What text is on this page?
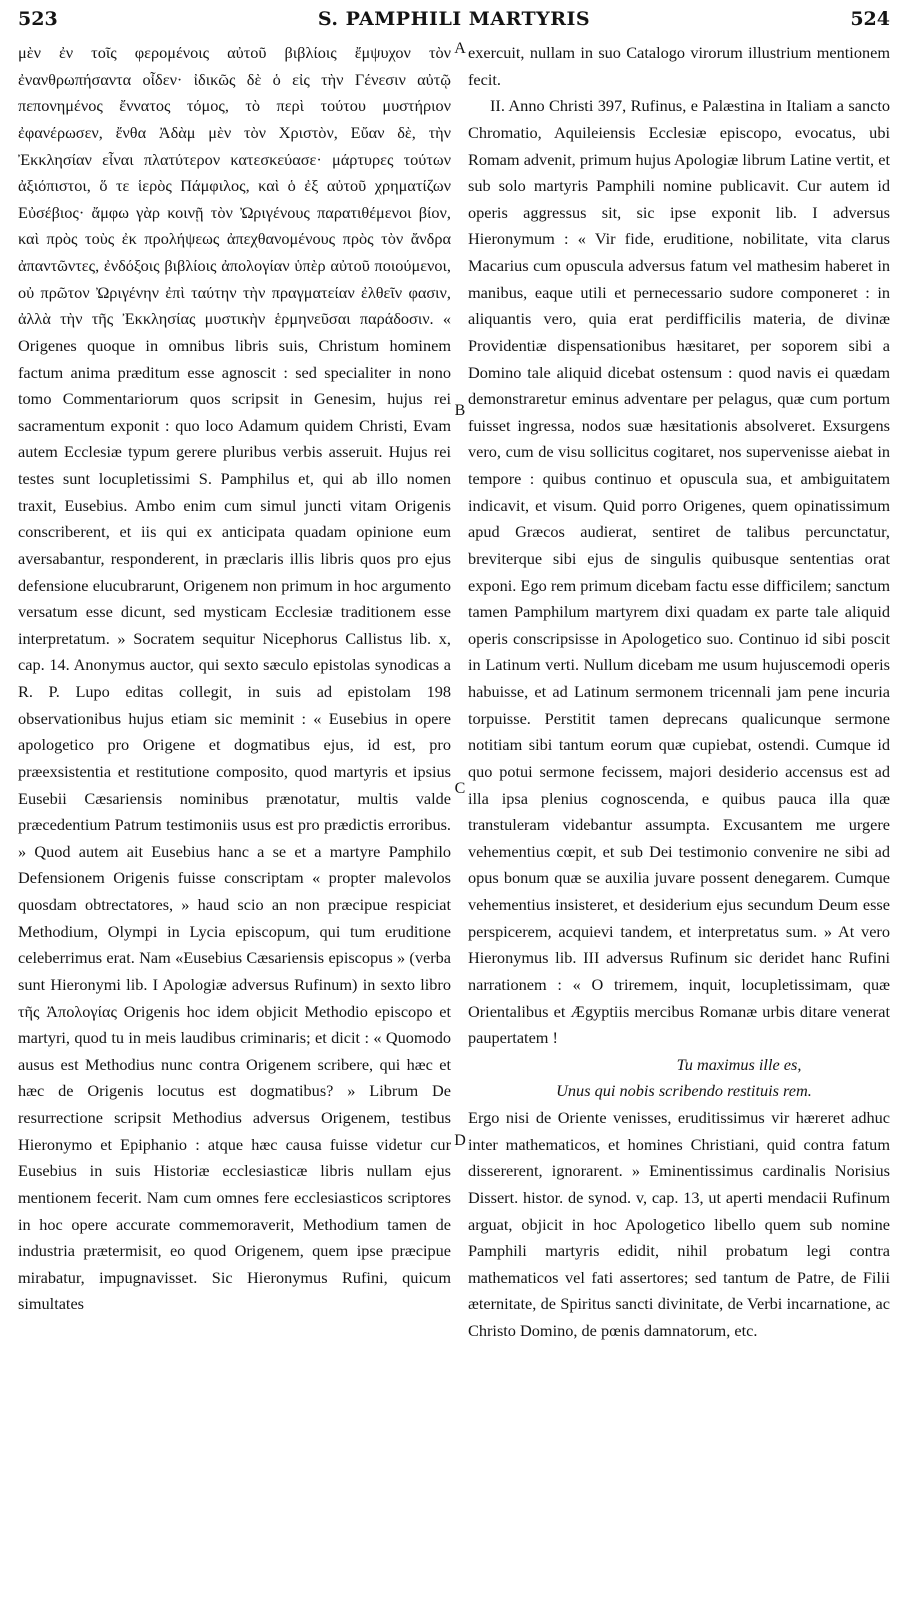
523	S. PAMPHILI MARTYRIS	524

μὲν ἐν τοῖς φερομένοις αὐτοῦ βιβλίοις ἔμψυχον τὸν ἐνανθρωπήσαντα οἶδεν· ἰδικῶς δὲ ὁ εἰς τὴν Γένεσιν αὐτῷ πεπονημένος ἔννατος τόμος, τὸ περὶ τούτου μυστήριον ἐφανέρωσεν, ἔνθα Ἀδὰμ μὲν τὸν Χριστὸν, Εὔαν δὲ, τὴν Ἐκκλησίαν εἶναι πλατύτερον κατεσκεύασε· μάρτυρες τούτων ἀξιόπιστοι, ὅ τε ἱερὸς Πάμφιλος, καὶ ὁ ἐξ αὐτοῦ χρηματίζων Εὐσέβιος· ἄμφω γὰρ κοινῇ τὸν Ὠριγένους παρατιθέμενοι βίον, καὶ πρὸς τοὺς ἐκ προλήψεως ἀπεχθανομένους πρὸς τὸν ἄνδρα ἀπαντῶντες, ἐνδόξοις βιβλίοις ἀπολογίαν ὑπὲρ αὐτοῦ ποιούμενοι, οὐ πρῶτον Ὠριγένην ἐπὶ ταύτην τὴν πραγματείαν ἐλθεῖν φασιν, ἀλλὰ τὴν τῆς Ἐκκλησίας μυστικὴν ἑρμηνεῦσαι παράδοσιν. « Origenes quoque in omnibus libris suis, Christum hominem factum anima præditum esse agnoscit : sed specialiter in nono tomo Commentariorum quos scripsit in Genesim, hujus rei sacramentum exponit : quo loco Adamum quidem Christi, Evam autem Ecclesiæ typum gerere pluribus verbis asseruit. Hujus rei testes sunt locupletissimi S. Pamphilus et, qui ab illo nomen traxit, Eusebius. Ambo enim cum simul juncti vitam Origenis conscriberent, et iis qui ex anticipata quadam opinione eum aversabantur, responderent, in præclaris illis libris quos pro ejus defensione elucubrarunt, Origenem non primum in hoc argumento versatum esse dicunt, sed mysticam Ecclesiæ traditionem esse interpretatum. » Socratem sequitur Nicephorus Callistus lib. x, cap. 14. Anonymus auctor, qui sexto sæculo epistolas synodicas a R. P. Lupo editas collegit, in suis ad epistolam 198 observationibus hujus etiam sic meminit : « Eusebius in opere apologetico pro Origene et dogmatibus ejus, id est, pro præexsistentia et restitutione composito, quod martyris et ipsius Eusebii Cæsariensis nominibus prænotatur, multis valde præcedentium Patrum testimoniis usus est pro prædictis erroribus. » Quod autem ait Eusebius hanc a se et a martyre Pamphilo Defensionem Origenis fuisse conscriptam « propter malevolos quosdam obtrectatores, » haud scio an non præcipue respiciat Methodium, Olympi in Lycia episcopum, qui tum eruditione celeberrimus erat. Nam «Eusebius Cæsariensis episcopus » (verba sunt Hieronymi lib. I Apologiæ adversus Rufinum) in sexto libro τῆς Ἀπολογίας Origenis hoc idem objicit Methodio episcopo et martyri, quod tu in meis laudibus criminaris; et dicit : « Quomodo ausus est Methodius nunc contra Origenem scribere, qui hæc et hæc de Origenis locutus est dogmatibus? » Librum De resurrectione scripsit Methodius adversus Origenem, testibus Hieronymo et Epiphanio : atque hæc causa fuisse videtur cur Eusebius in suis Historiæ ecclesiasticæ libris nullam ejus mentionem fecerit. Nam cum omnes fere ecclesiasticos scriptores in hoc opere accurate commemoraverit, Methodium tamen de industria prætermisit, eo quod Origenem, quem ipse præcipue mirabatur, impugnavisset. Sic Hieronymus Rufini, quicum simultates

A
B
C
D

exercuit, nullam in suo Catalogo virorum illustrium mentionem fecit.

II. Anno Christi 397, Rufinus, e Palæstina in Italiam a sancto Chromatio, Aquileiensis Ecclesiæ episcopo, evocatus, ubi Romam advenit, primum hujus Apologiæ librum Latine vertit, et sub solo martyris Pamphili nomine publicavit. Cur autem id operis aggressus sit, sic ipse exponit lib. I adversus Hieronymum : « Vir fide, eruditione, nobilitate, vita clarus Macarius cum opuscula adversus fatum vel mathesim haberet in manibus, eaque utili et pernecessario sudore componeret : in aliquantis vero, quia erat perdifficilis materia, de divinæ Providentiæ dispensationibus hæsitaret, per soporem sibi a Domino tale aliquid dicebat ostensum : quod navis ei quædam demonstraretur eminus adventare per pelagus, quæ cum portum fuisset ingressa, nodos suæ hæsitationis absolveret. Exsurgens vero, cum de visu sollicitus cogitaret, nos supervenisse aiebat in tempore : quibus continuo et opuscula sua, et ambiguitatem indicavit, et visum. Quid porro Origenes, quem opinatissimum apud Græcos audierat, sentiret de talibus percunctatur, breviterque sibi ejus de singulis quibusque sententias orat exponi. Ego rem primum dicebam factu esse difficilem; sanctum tamen Pamphilum martyrem dixi quadam ex parte tale aliquid operis conscripsisse in Apologetico suo. Continuo id sibi poscit in Latinum verti. Nullum dicebam me usum hujuscemodi operis habuisse, et ad Latinum sermonem tricennali jam pene incuria torpuisse. Perstitit tamen deprecans qualicunque sermone notitiam sibi tantum eorum quæ cupiebat, ostendi. Cumque id quo potui sermone fecissem, majori desiderio accensus est ad illa ipsa plenius cognoscenda, e quibus pauca illa quæ transtuleram videbantur assumpta. Excusantem me urgere vehementius cœpit, et sub Dei testimonio convenire ne sibi ad opus bonum quæ se auxilia juvare possent denegarem. Cumque vehementius insisteret, et desiderium ejus secundum Deum esse perspicerem, acquievi tandem, et interpretatus sum. » At vero Hieronymus lib. III adversus Rufinum sic deridet hanc Rufini narrationem : « O triremem, inquit, locupletissimam, quæ Orientalibus et Ægyptiis mercibus Romanæ urbis ditare venerat paupertatem !

Tu maximus ille es,

Unus qui nobis scribendo restituis rem.

Ergo nisi de Oriente venisses, eruditissimus vir hæreret adhuc inter mathematicos, et homines Christiani, quid contra fatum dissererent, ignorarent. » Eminentissimus cardinalis Norisius Dissert. histor. de synod. v, cap. 13, ut aperti mendacii Rufinum arguat, objicit in hoc Apologetico libello quem sub nomine Pamphili martyris edidit, nihil probatum legi contra mathematicos vel fati assertores; sed tantum de Patre, de Filii æternitate, de Spiritus sancti divinitate, de Verbi incarnatione, ac Christo Domino, de pœnis damnatorum, etc.
